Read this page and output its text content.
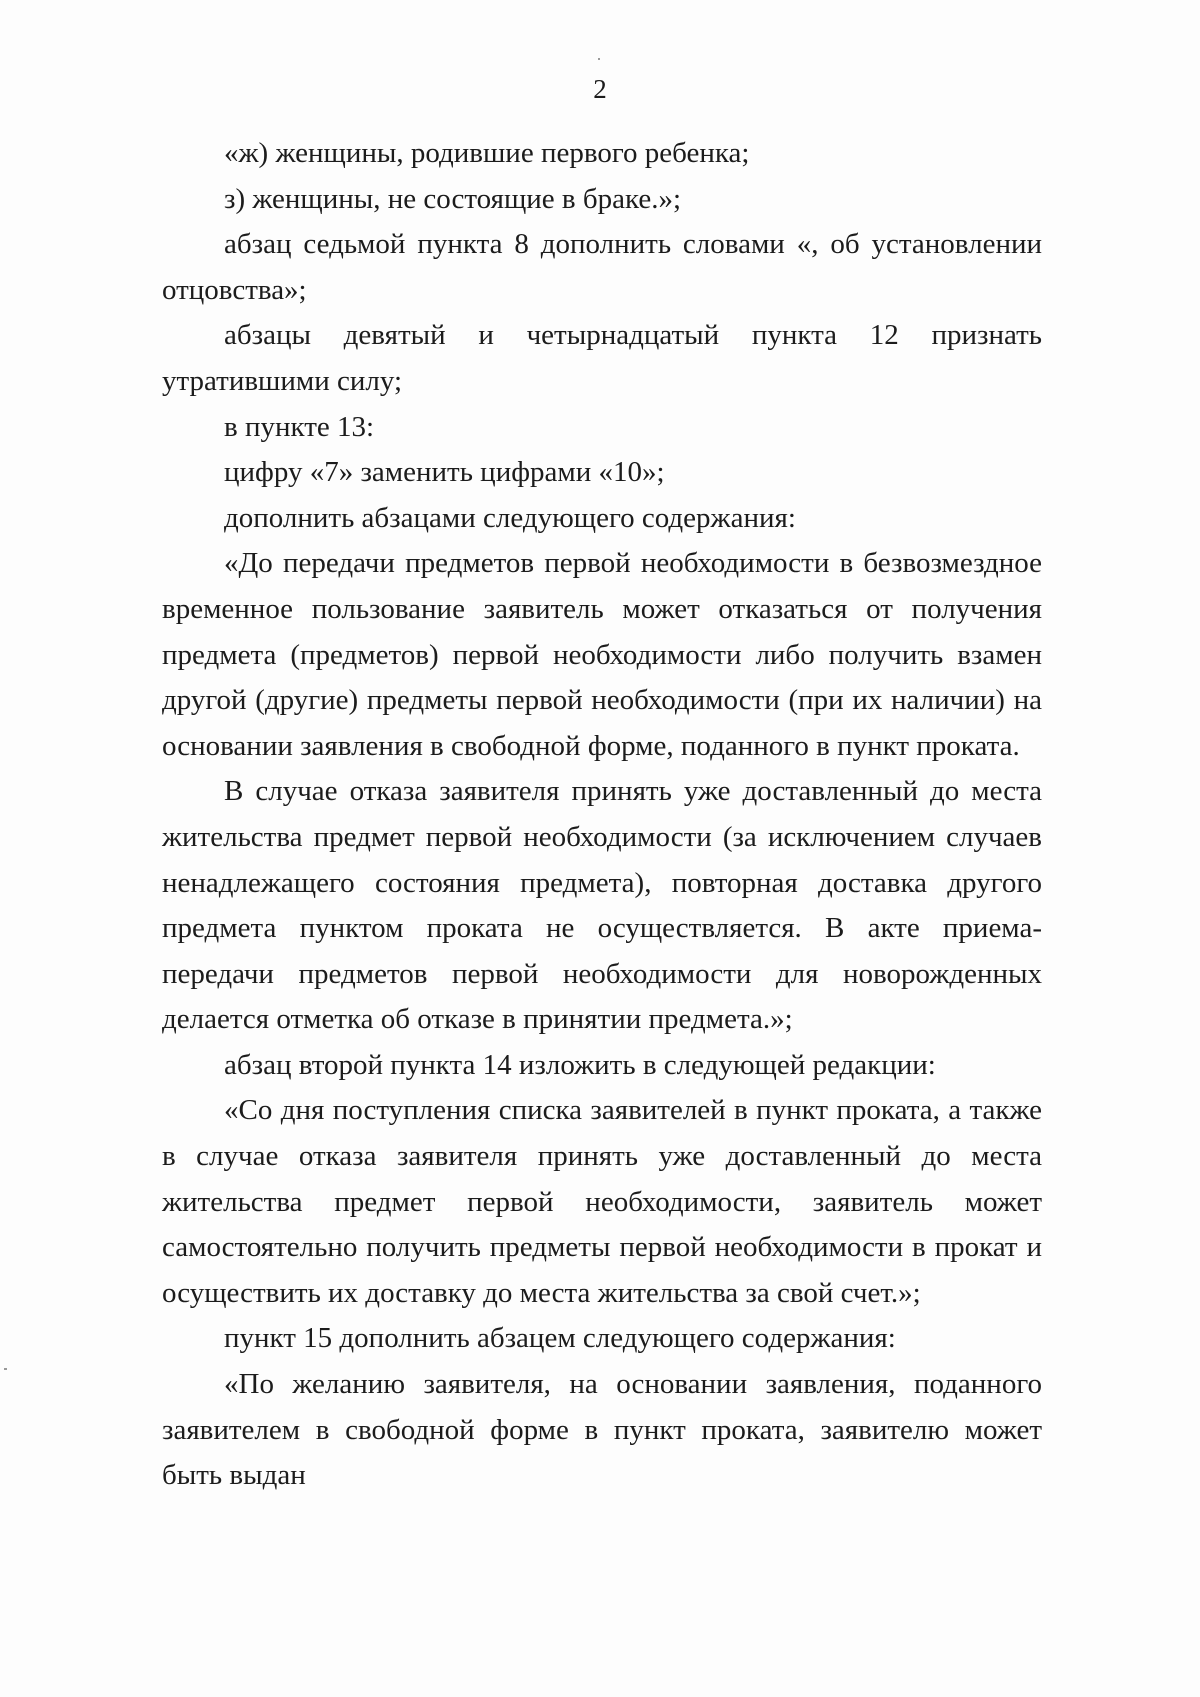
2

«ж) женщины, родившие первого ребенка;

з) женщины, не состоящие в браке.»;

абзац седьмой пункта 8 дополнить словами «, об установлении отцовства»;

абзацы девятый и четырнадцатый пункта 12 признать утратившими силу;

в пункте 13:

цифру «7» заменить цифрами «10»;

дополнить абзацами следующего содержания:

«До передачи предметов первой необходимости в безвозмездное временное пользование заявитель может отказаться от получения предмета (предметов) первой необходимости либо получить взамен другой (другие) предметы первой необходимости (при их наличии) на основании заявления в свободной форме, поданного в пункт проката.

В случае отказа заявителя принять уже доставленный до места жительства предмет первой необходимости (за исключением случаев ненадлежащего состояния предмета), повторная доставка другого предмета пунктом проката не осуществляется. В акте приема-передачи предметов первой необходимости для новорожденных делается отметка об отказе в принятии предмета.»;

абзац второй пункта 14 изложить в следующей редакции:

«Со дня поступления списка заявителей в пункт проката, а также в случае отказа заявителя принять уже доставленный до места жительства предмет первой необходимости, заявитель может самостоятельно получить предметы первой необходимости в прокат и осуществить их доставку до места жительства за свой счет.»;

пункт 15 дополнить абзацем следующего содержания:

«По желанию заявителя, на основании заявления, поданного заявителем в свободной форме в пункт проката, заявителю может быть выдан
